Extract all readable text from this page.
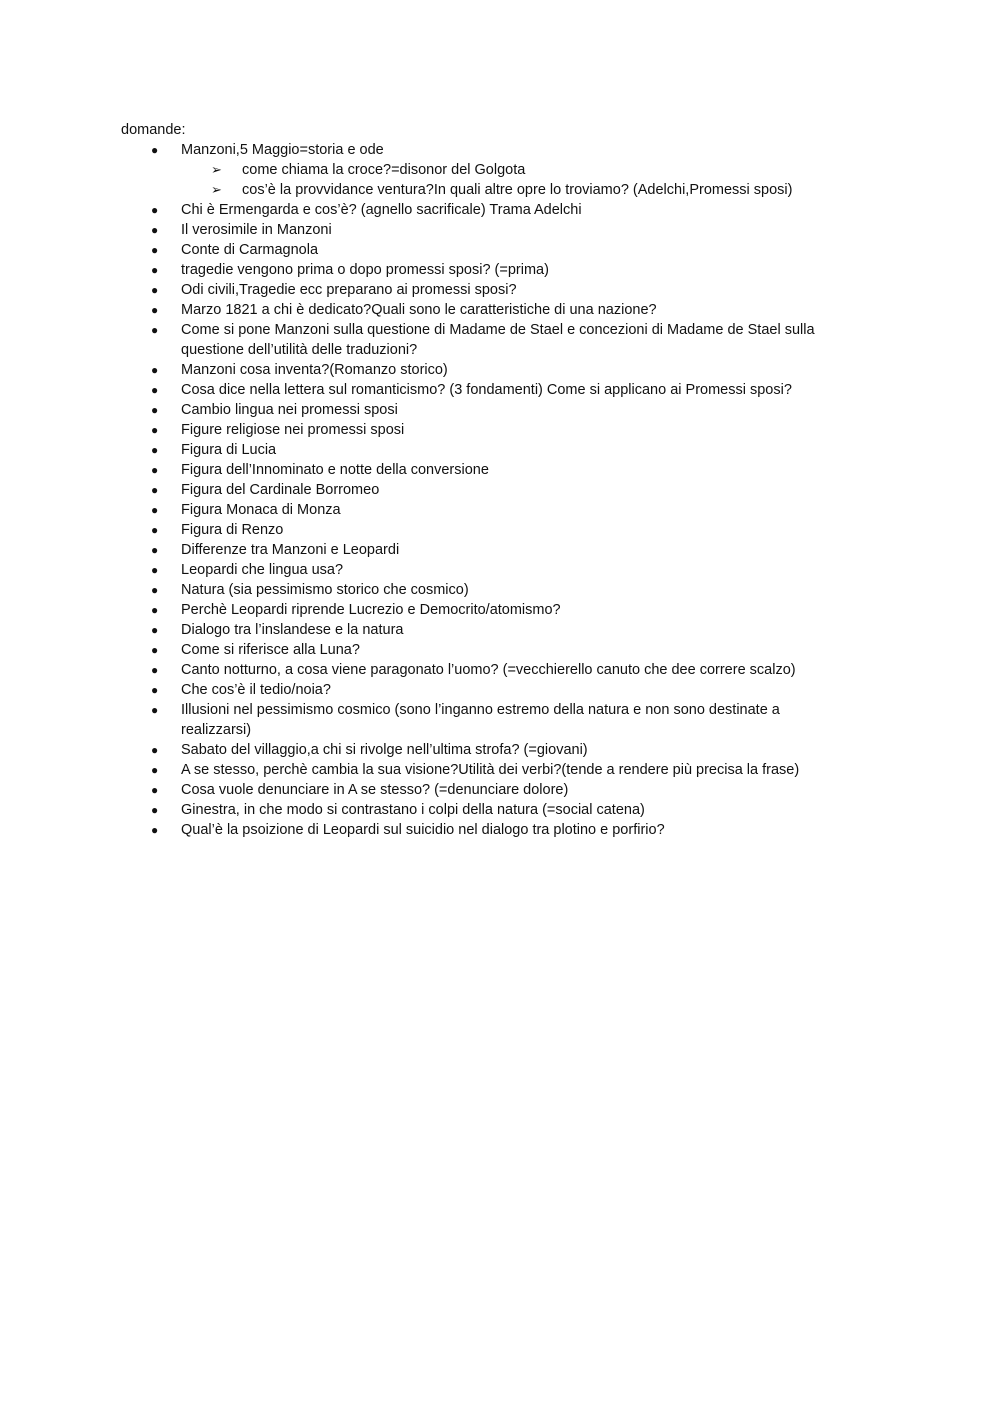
domande:
●	Manzoni,5 Maggio=storia e ode
➢ come chiama la croce?=disonor del Golgota
➢ cos’è la provvidance ventura?In quali altre opre lo troviamo? (Adelchi,Promessi sposi)
●	Chi è Ermengarda e cos’è? (agnello sacrificale) Trama Adelchi
●	Il verosimile in Manzoni
●	Conte di Carmagnola
●	tragedie vengono prima o dopo promessi sposi? (=prima)
●	Odi civili,Tragedie ecc preparano ai promessi sposi?
●	Marzo 1821 a chi è dedicato?Quali sono le caratteristiche di una nazione?
●	Come si pone Manzoni sulla questione di Madame de Stael e concezioni di Madame de Stael sulla questione dell’utilità delle traduzioni?
●	Manzoni cosa inventa?(Romanzo storico)
●	Cosa dice nella lettera sul romanticismo? (3 fondamenti) Come si applicano ai Promessi sposi?
●	Cambio lingua nei promessi sposi
●	Figure religiose nei promessi sposi
●	Figura di Lucia
●	Figura dell’Innominato e notte della conversione
●	Figura del Cardinale Borromeo
●	Figura Monaca di Monza
●	Figura di Renzo
●	Differenze tra Manzoni e Leopardi
●	Leopardi che lingua usa?
●	Natura (sia pessimismo storico che cosmico)
●	Perchè Leopardi riprende Lucrezio e Democrito/atomismo?
●	Dialogo tra l’inslandese e la natura
●	Come si riferisce alla Luna?
●	Canto notturno, a cosa viene paragonato l’uomo? (=vecchierello canuto che dee correre scalzo)
●	Che cos’è il tedio/noia?
●	Illusioni nel pessimismo cosmico (sono l’inganno estremo della natura e non sono destinate a realizzarsi)
●	Sabato del villaggio,a chi si rivolge nell’ultima strofa? (=giovani)
●	A se stesso, perchè cambia la sua visione?Utilità dei verbi?(tende a rendere più precisa la frase)
●	Cosa vuole denunciare in A se stesso? (=denunciare dolore)
●	Ginestra, in che modo si contrastano i colpi della natura (=social catena)
●	Qual’è la psoizione di Leopardi sul suicidio nel dialogo tra plotino e porfirio?
